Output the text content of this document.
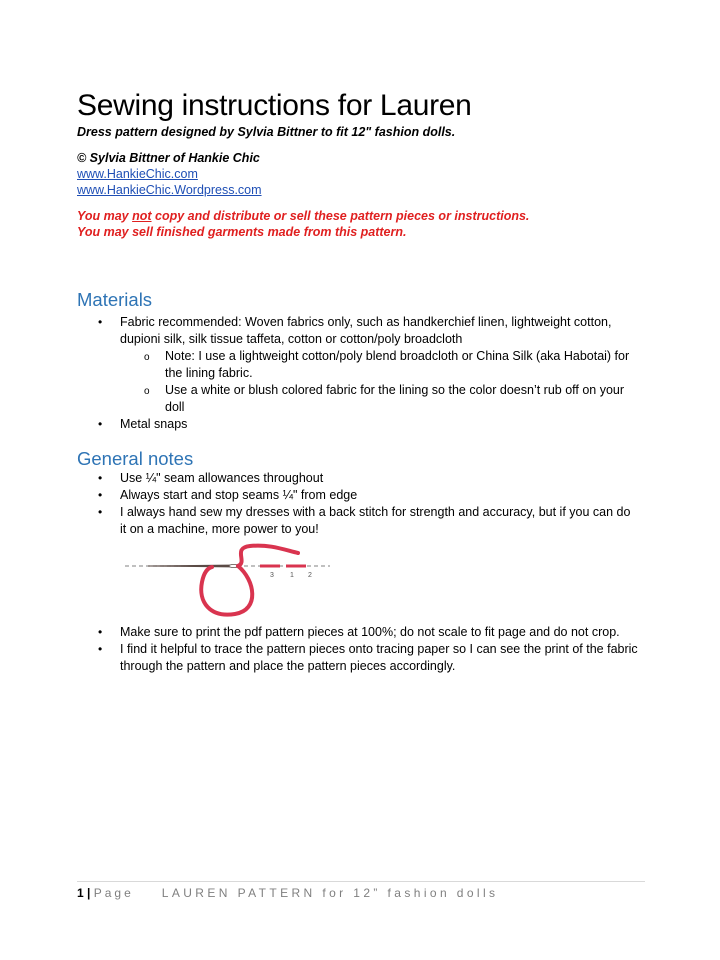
Sewing instructions for Lauren

Dress pattern designed by Sylvia Bittner to fit 12" fashion dolls.

© Sylvia Bittner of Hankie Chic

www.HankieChic.com
www.HankieChic.Wordpress.com

You may not copy and distribute or sell these pattern pieces or instructions.

You may sell finished garments made from this pattern.

Materials
• Fabric recommended: Woven fabrics only, such as handkerchief linen, lightweight cotton, dupioni silk, silk tissue taffeta, cotton or cotton/poly broadcloth
o Note: I use a lightweight cotton/poly blend broadcloth or China Silk (aka Habotai) for the lining fabric.
o Use a white or blush colored fabric for the lining so the color doesn’t rub off on your doll
• Metal snaps
General notes
• Use ¼" seam allowances throughout
• Always start and stop seams ¼" from edge
• I always hand sew my dresses with a back stitch for strength and accuracy, but if you can do it on a machine, more power to you!
3 1 2
• Make sure to print the pdf pattern pieces at 100%; do not scale to fit page and do not crop.
• I find it helpful to trace the pattern pieces onto tracing paper so I can see the print of the fabric through the pattern and place the pattern pieces accordingly.

1 | Page LAUREN PATTERN for 12” fashion dolls
